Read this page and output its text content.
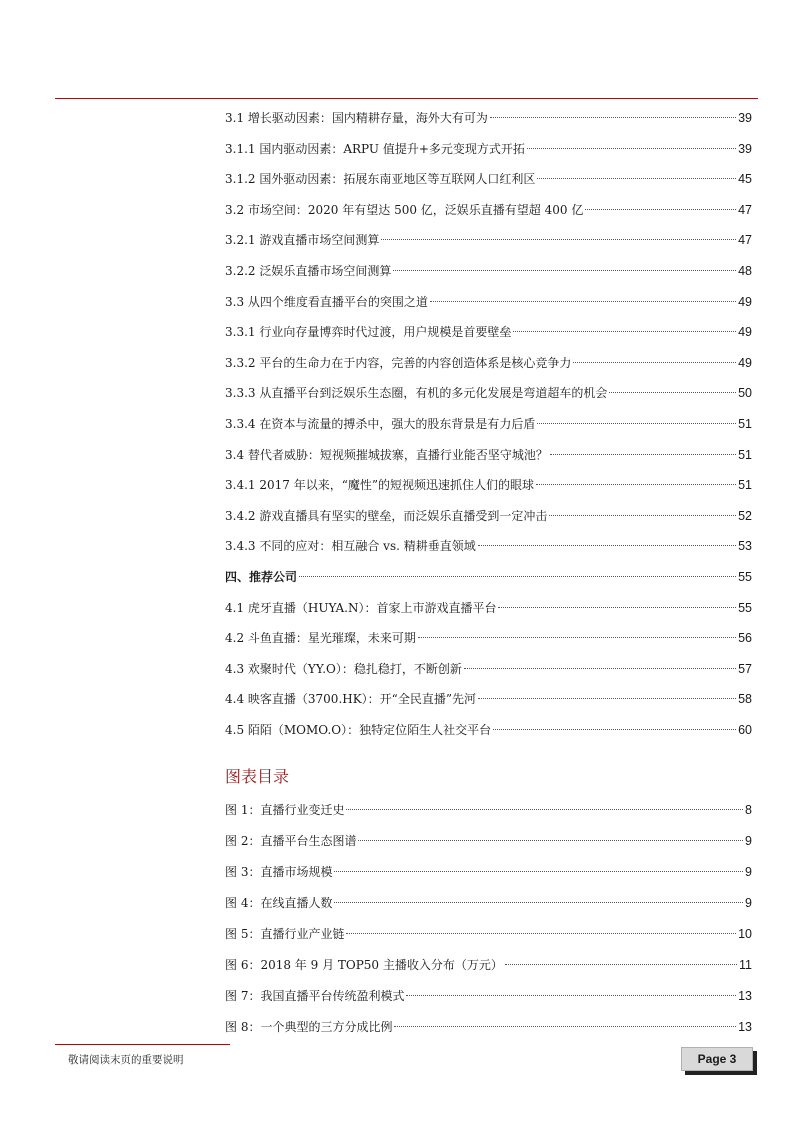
3.1 增长驱动因素：国内精耕存量，海外大有可为	39
3.1.1 国内驱动因素：ARPU 值提升+多元变现方式开拓	39
3.1.2 国外驱动因素：拓展东南亚地区等互联网人口红利区	45
3.2 市场空间：2020 年有望达 500 亿，泛娱乐直播有望超 400 亿	47
3.2.1 游戏直播市场空间测算	47
3.2.2 泛娱乐直播市场空间测算	48
3.3 从四个维度看直播平台的突围之道	49
3.3.1 行业向存量博弈时代过渡，用户规模是首要壁垒	49
3.3.2 平台的生命力在于内容，完善的内容创造体系是核心竞争力	49
3.3.3 从直播平台到泛娱乐生态圈，有机的多元化发展是弯道超车的机会	50
3.3.4 在资本与流量的搏杀中，强大的股东背景是有力后盾	51
3.4 替代者威胁：短视频摧城拔寨，直播行业能否坚守城池？	51
3.4.1 2017 年以来，“魔性”的短视频迅速抓住人们的眼球	51
3.4.2 游戏直播具有坚实的壁垒，而泛娱乐直播受到一定冲击	52
3.4.3 不同的应对：相互融合 vs. 精耕垂直领域	53
四、推荐公司	55
4.1 虎牙直播（HUYA.N）：首家上市游戏直播平台	55
4.2 斗鱼直播：星光璀璨，未来可期	56
4.3 欢聚时代（YY.O）：稳扎稳打，不断创新	57
4.4 映客直播（3700.HK）：开“全民直播”先河	58
4.5 陌陌（MOMO.O）：独特定位陌生人社交平台	60
图表目录
图 1：直播行业变迁史	8
图 2：直播平台生态图谱	9
图 3：直播市场规模	9
图 4：在线直播人数	9
图 5：直播行业产业链	10
图 6：2018 年 9 月 TOP50 主播收入分布（万元）	11
图 7：我国直播平台传统盈利模式	13
图 8：一个典型的三方分成比例	13
敬请阅读末页的重要说明	Page 3
